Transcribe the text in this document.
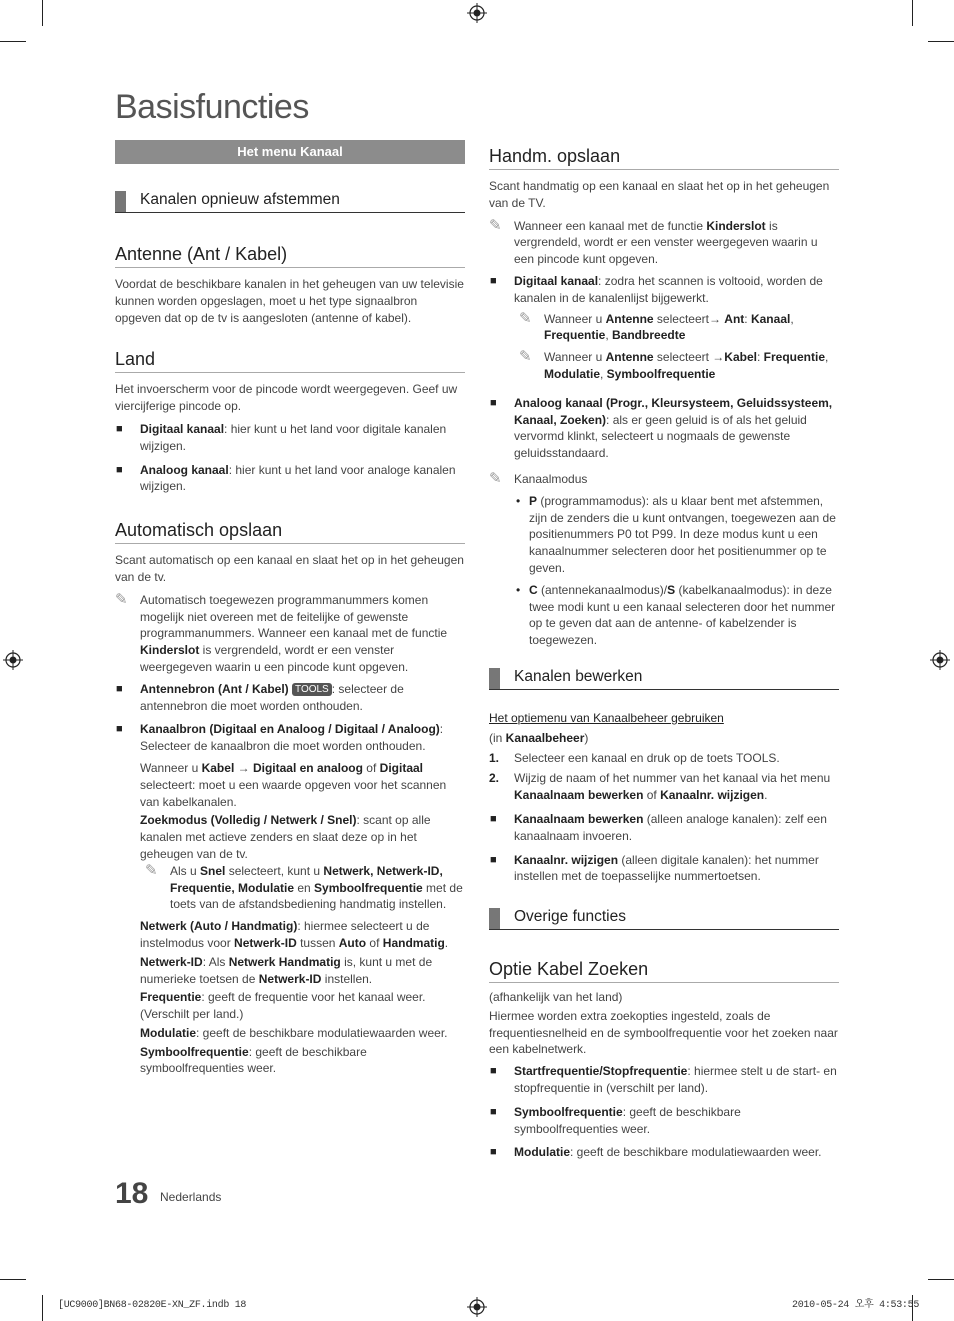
Basisfuncties
Het menu Kanaal
Kanalen opnieuw afstemmen
Antenne (Ant / Kabel)

Voordat de beschikbare kanalen in het geheugen van uw televisie kunnen worden opgeslagen, moet u het type signaalbron opgeven dat op de tv is aangesloten (antenne of kabel).

Land

Het invoerscherm voor de pincode wordt weergegeven. Geef uw viercijferige pincode op.

■ Digitaal kanaal: hier kunt u het land voor digitale kanalen wijzigen.
■ Analoog kanaal: hier kunt u het land voor analoge kanalen wijzigen.
Automatisch opslaan

Scant automatisch op een kanaal en slaat het op in het geheugen van de tv.

✎ Automatisch toegewezen programmanummers komen mogelijk niet overeen met de feitelijke of gewenste programmanummers. Wanneer een kanaal met de functie Kinderslot is vergrendeld, wordt er een venster weergegeven waarin u een pincode kunt opgeven.
■ Antennebron (Ant / Kabel) TOOLS : selecteer de antennebron die moet worden onthouden.
■ Kanaalbron (Digitaal en Analoog / Digitaal / Analoog): Selecteer de kanaalbron die moet worden onthouden.
Wanneer u Kabel → Digitaal en analoog of Digitaal selecteert: moet u een waarde opgeven voor het scannen van kabelkanalen.
Zoekmodus (Volledig / Netwerk / Snel): scant op alle kanalen met actieve zenders en slaat deze op in het geheugen van de tv.
✎ Als u Snel selecteert, kunt u Netwerk, Netwerk-ID, Frequentie, Modulatie en Symboolfrequentie met de toets van de afstandsbediening handmatig instellen.
Netwerk (Auto / Handmatig): hiermee selecteert u de instelmodus voor Netwerk-ID tussen Auto of Handmatig.
Netwerk-ID: Als Netwerk Handmatig is, kunt u met de numerieke toetsen de Netwerk-ID instellen.
Frequentie: geeft de frequentie voor het kanaal weer. (Verschilt per land.)
Modulatie: geeft de beschikbare modulatiewaarden weer.
Symboolfrequentie: geeft de beschikbare symboolfrequenties weer.
Handm. opslaan

Scant handmatig op een kanaal en slaat het op in het geheugen van de TV.

✎ Wanneer een kanaal met de functie Kinderslot is vergrendeld, wordt er een venster weergegeven waarin u een pincode kunt opgeven.
■ Digitaal kanaal: zodra het scannen is voltooid, worden de kanalen in de kanalenlijst bijgewerkt.
✎ Wanneer u Antenne selecteert→ Ant: Kanaal, Frequentie, Bandbreedte
✎ Wanneer u Antenne selecteert →Kabel: Frequentie, Modulatie, Symboolfrequentie
■ Analoog kanaal (Progr., Kleursysteem, Geluidssysteem, Kanaal, Zoeken): als er geen geluid is of als het geluid vervormd klinkt, selecteert u nogmaals de gewenste geluidsstandaard.
✎ Kanaalmodus
• P (programmamodus): als u klaar bent met afstemmen, zijn de zenders die u kunt ontvangen, toegewezen aan de positienummers P0 tot P99. In deze modus kunt u een kanaalnummer selecteren door het positienummer op te geven.
• C (antennekanaalmodus)/S (kabelkanaalmodus): in deze twee modi kunt u een kanaal selecteren door het nummer op te geven dat aan de antenne- of kabelzender is toegewezen.
Kanalen bewerken
Het optiemenu van Kanaalbeheer gebruiken
(in Kanaalbeheer)
1. Selecteer een kanaal en druk op de toets TOOLS.
2. Wijzig de naam of het nummer van het kanaal via het menu Kanaalnaam bewerken of Kanaalnr. wijzigen.
■ Kanaalnaam bewerken (alleen analoge kanalen): zelf een kanaalnaam invoeren.
■ Kanaalnr. wijzigen (alleen digitale kanalen): het nummer instellen met de toepasselijke nummertoetsen.
Overige functies
Optie Kabel Zoeken

(afhankelijk van het land)

Hiermee worden extra zoekopties ingesteld, zoals de frequentiesnelheid en de symboolfrequentie voor het zoeken naar een kabelnetwerk.

■ Startfrequentie/Stopfrequentie: hiermee stelt u de start- en stopfrequentie in (verschilt per land).
■ Symboolfrequentie: geeft de beschikbare symboolfrequenties weer.
■ Modulatie: geeft de beschikbare modulatiewaarden weer.
18 Nederlands
[UC9000]BN68-02820E-XN_ZF.indb 18	2010-05-24 오후 4:53:55
